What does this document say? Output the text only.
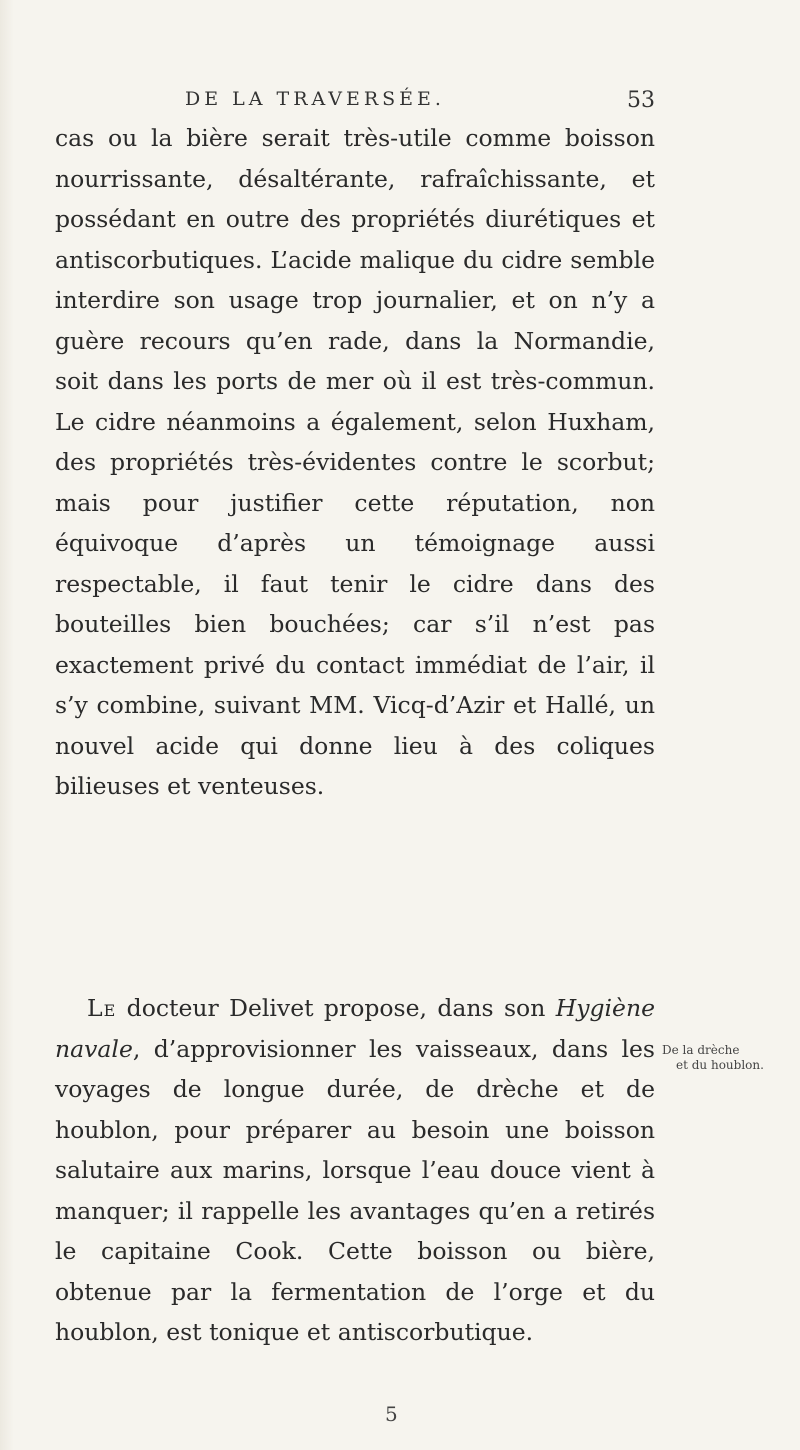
DE LA TRAVERSÉE.	53
cas ou la bière serait très-utile comme boisson nourrissante, désaltérante, rafraîchissante, et possédant en outre des propriétés diurétiques et antiscorbutiques. L’acide malique du cidre semble interdire son usage trop journalier, et on n’y a guère recours qu’en rade, dans la Normandie, soit dans les ports de mer où il est très-commun. Le cidre néanmoins a également, selon Huxham, des propriétés très-évidentes contre le scorbut; mais pour justifier cette réputation, non équivoque d’après un témoignage aussi respectable, il faut tenir le cidre dans des bouteilles bien bouchées; car s’il n’est pas exactement privé du contact immédiat de l’air, il s’y combine, suivant MM. Vicq-d’Azir et Hallé, un nouvel acide qui donne lieu à des coliques bilieuses et venteuses.
Le docteur Delivet propose, dans son Hygiène navale, d’approvisionner les vaisseaux, dans les voyages de longue durée, de drèche et de houblon, pour préparer au besoin une boisson salutaire aux marins, lorsque l’eau douce vient à manquer; il rappelle les avantages qu’en a retirés le capitaine Cook. Cette boisson ou bière, obtenue par la fermentation de l’orge et du houblon, est tonique et antiscorbutique.
De la drèche
et du houblon.
5
